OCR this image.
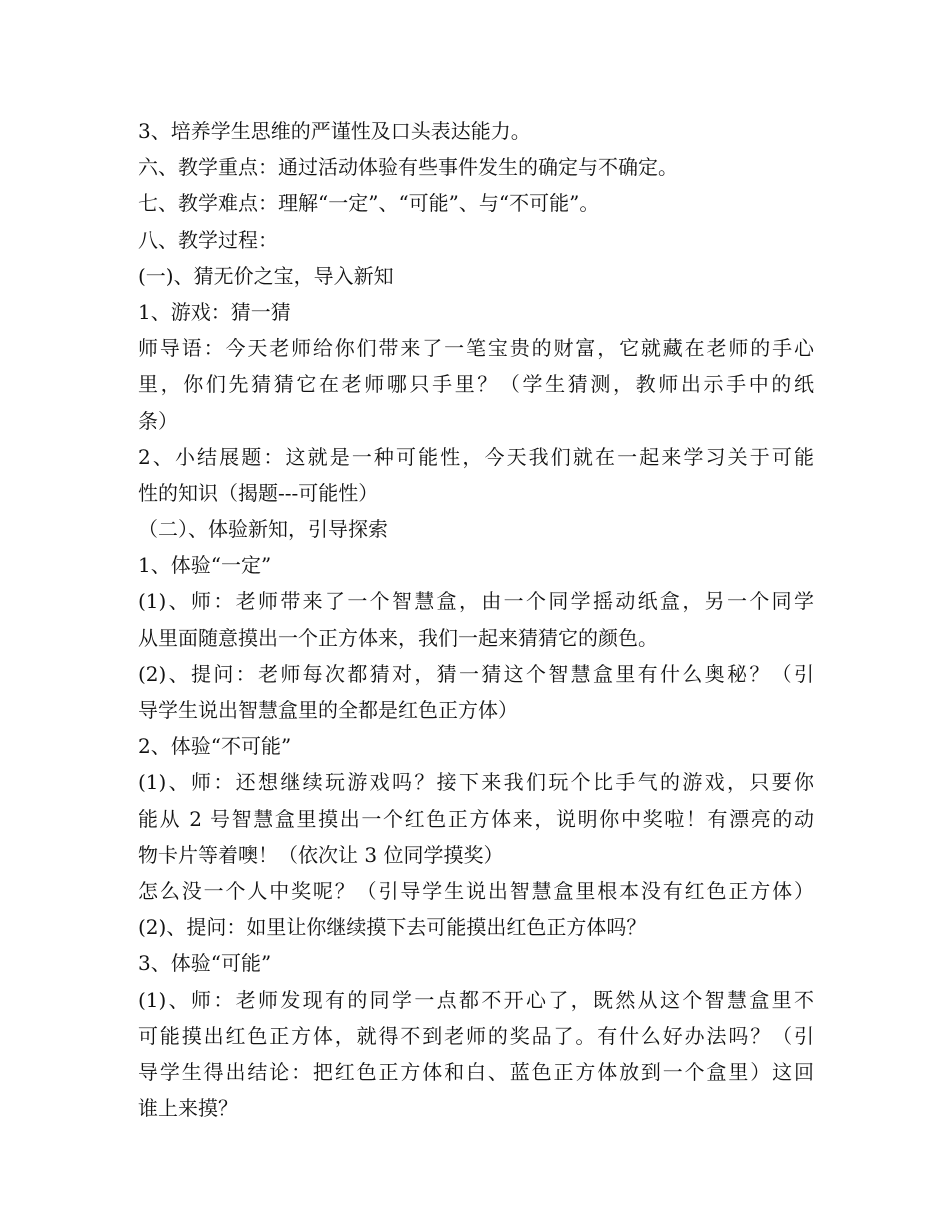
3、培养学生思维的严谨性及口头表达能力。
六、教学重点：通过活动体验有些事件发生的确定与不确定。
七、教学难点：理解“一定”、“可能”、与“不可能”。
八、教学过程：
(一)、猜无价之宝，导入新知
1、游戏：猜一猜
师导语：今天老师给你们带来了一笔宝贵的财富，它就藏在老师的手心
里，你们先猜猜它在老师哪只手里？（学生猜测，教师出示手中的纸
条）
2、小结展题：这就是一种可能性，今天我们就在一起来学习关于可能
性的知识（揭题---可能性）
（二）、体验新知，引导探索
1、体验“一定”
(1)、师：老师带来了一个智慧盒，由一个同学摇动纸盒，另一个同学
从里面随意摸出一个正方体来，我们一起来猜猜它的颜色。
(2)、提问：老师每次都猜对，猜一猜这个智慧盒里有什么奥秘？（引
导学生说出智慧盒里的全都是红色正方体）
2、体验“不可能”
(1)、师：还想继续玩游戏吗？接下来我们玩个比手气的游戏，只要你
能从 2 号智慧盒里摸出一个红色正方体来，说明你中奖啦！有漂亮的动
物卡片等着噢！（依次让 3 位同学摸奖）
怎么没一个人中奖呢？（引导学生说出智慧盒里根本没有红色正方体）
(2)、提问：如里让你继续摸下去可能摸出红色正方体吗？
3、体验“可能”
(1)、师：老师发现有的同学一点都不开心了，既然从这个智慧盒里不
可能摸出红色正方体，就得不到老师的奖品了。有什么好办法吗？（引
导学生得出结论：把红色正方体和白、蓝色正方体放到一个盒里）这回
谁上来摸？
